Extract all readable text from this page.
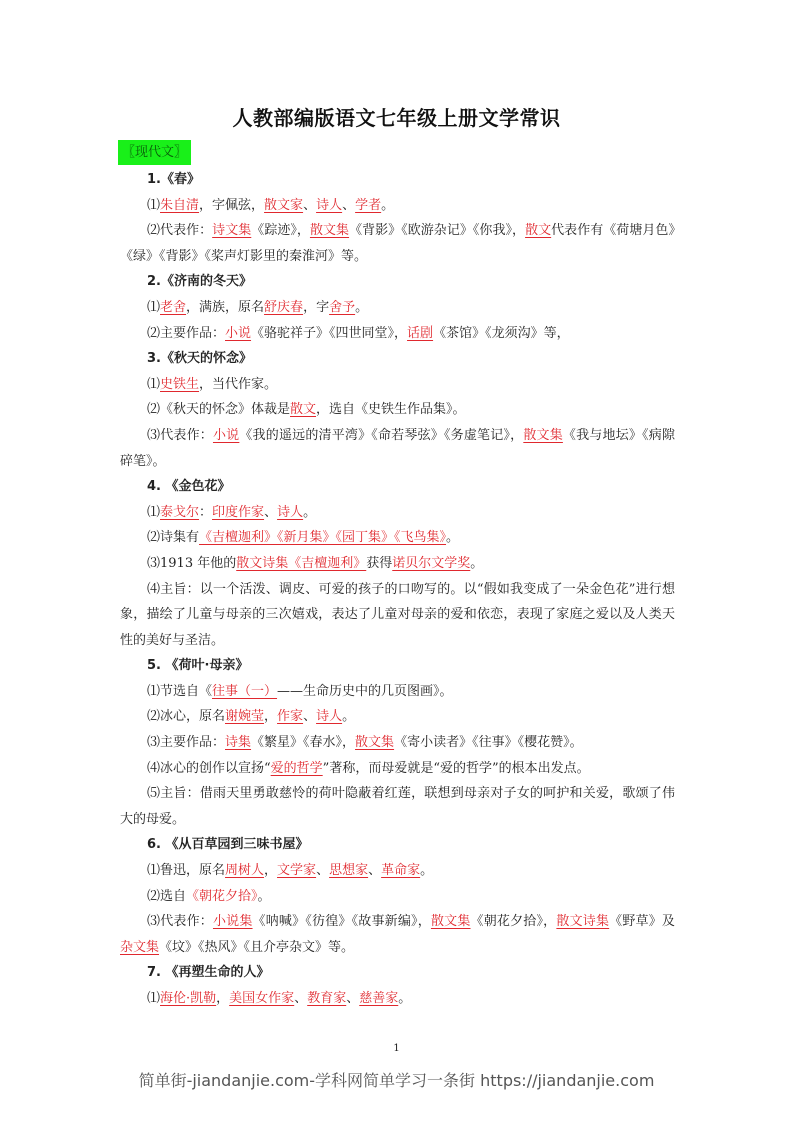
人教部编版语文七年级上册文学常识
〖现代文〗
1.《春》
⑴朱自清，字佩弦，散文家、诗人、学者。
⑵代表作：诗文集《踪迹》，散文集《背影》《欧游杂记》《你我》，散文代表作有《荷塘月色》《绿》《背影》《桨声灯影里的秦淮河》等。
2.《济南的冬天》
⑴老舍，满族，原名舒庆春，字舍予。
⑵主要作品：小说《骆驼祥子》《四世同堂》，话剧《茶馆》《龙须沟》等，
3.《秋天的怀念》
⑴史铁生，当代作家。
⑵《秋天的怀念》体裁是散文，选自《史铁生作品集》。
⑶代表作：小说《我的遥远的清平湾》《命若琴弦》《务虚笔记》，散文集《我与地坛》《病隙碎笔》。
4. 《金色花》
⑴泰戈尔：印度作家、诗人。
⑵诗集有《吉檀迦利》《新月集》《园丁集》《飞鸟集》。
⑶1913 年他的散文诗集《吉檀迦利》获得诺贝尔文学奖。
⑷主旨：以一个活泼、调皮、可爱的孩子的口吻写的。以“假如我变成了一朵金色花”进行想象，描绘了儿童与母亲的三次嬉戏，表达了儿童对母亲的爱和依恋，表现了家庭之爱以及人类天性的美好与圣洁。
5. 《荷叶·母亲》
⑴节选自《往事（一）——生命历史中的几页图画》。
⑵冰心，原名谢婉莹，作家、诗人。
⑶主要作品：诗集《繁星》《春水》，散文集《寄小读者》《往事》《樱花赞》。
⑷冰心的创作以宣扬“爱的哲学”著称，而母爱就是“爱的哲学”的根本出发点。
⑸主旨：借雨天里勇敢慈怜的荷叶隐蔽着红莲，联想到母亲对子女的呵护和关爱，歌颂了伟大的母爱。
6. 《从百草园到三味书屋》
⑴鲁迅，原名周树人，文学家、思想家、革命家。
⑵选自《朝花夕拾》。
⑶代表作：小说集《呐喊》《彷徨》《故事新编》，散文集《朝花夕拾》，散文诗集《野草》及杂文集《坟》《热风》《且介亭杂文》等。
7. 《再塑生命的人》
⑴海伦·凯勒，美国女作家、教育家、慈善家。
1
简单街-jiandanjie.com-学科网简单学习一条街 https://jiandanjie.com
